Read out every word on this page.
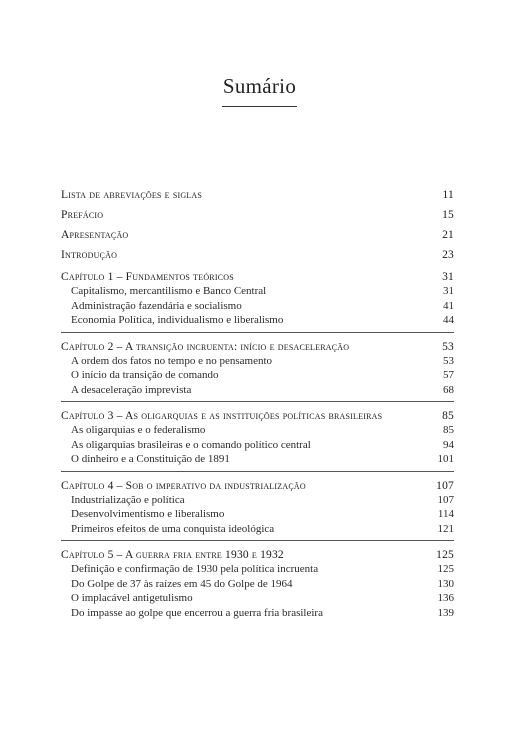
Sumário
Lista de abreviações e siglas	11
Prefácio	15
Apresentação	21
Introdução	23
Capítulo 1 – Fundamentos teóricos	31
Capitalismo, mercantilismo e Banco Central	31
Administração fazendária e socialismo	41
Economia Política, individualismo e liberalismo	44
Capítulo 2 – A transição incruenta: início e desaceleração	53
A ordem dos fatos no tempo e no pensamento	53
O início da transição de comando	57
A desaceleração imprevista	68
Capítulo 3 – As oligarquias e as instituições políticas brasileiras	85
As oligarquias e o federalismo	85
As oligarquias brasileiras e o comando político central	94
O dinheiro e a Constituição de 1891	101
Capítulo 4 – Sob o imperativo da industrialização	107
Industrialização e política	107
Desenvolvimentismo e liberalismo	114
Primeiros efeitos de uma conquista ideológica	121
Capítulo 5 – A guerra fria entre 1930 e 1932	125
Definição e confirmação de 1930 pela política incruenta	125
Do Golpe de 37 às raízes em 45 do Golpe de 1964	130
O implacável antigetulismo	136
Do impasse ao golpe que encerrou a guerra fria brasileira	139
